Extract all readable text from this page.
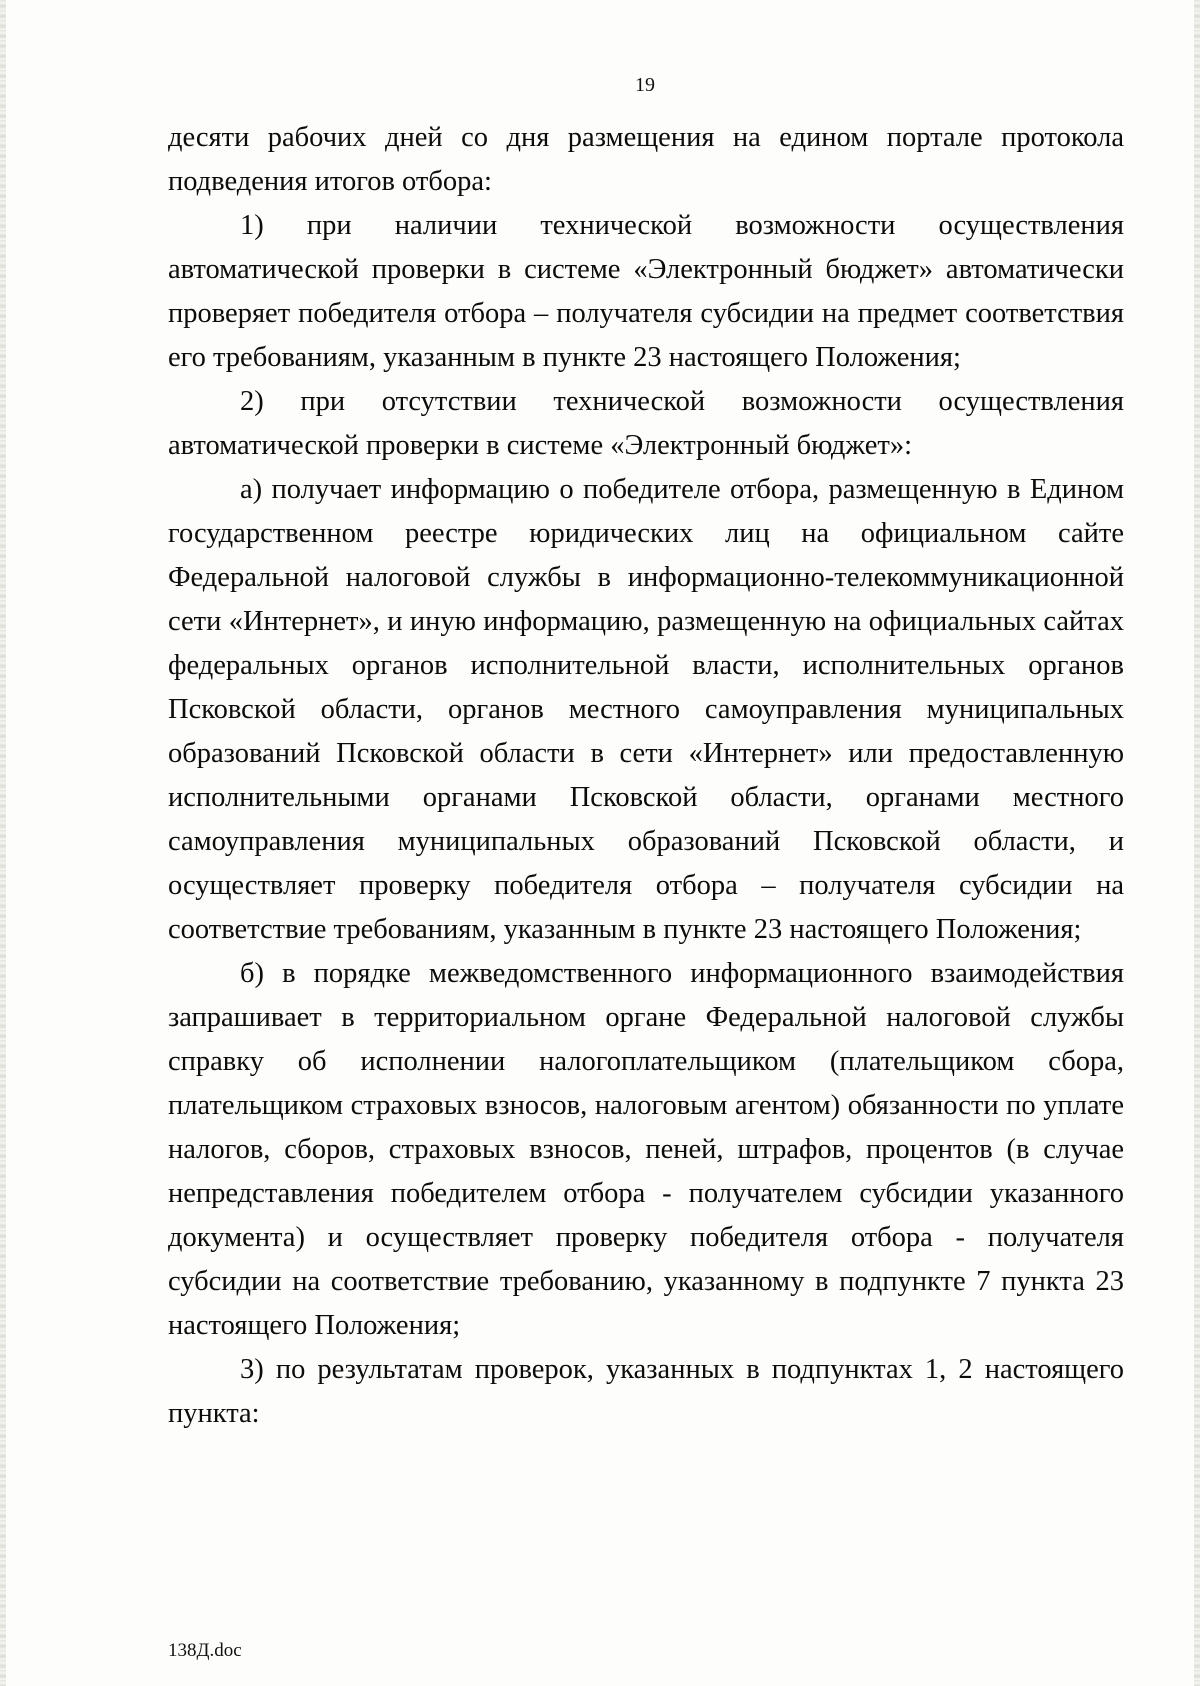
19

десяти рабочих дней со дня размещения на едином портале протокола подведения итогов отбора:

1) при наличии технической возможности осуществления автоматической проверки в системе «Электронный бюджет» автоматически проверяет победителя отбора – получателя субсидии на предмет соответствия его требованиям, указанным в пункте 23 настоящего Положения;

2) при отсутствии технической возможности осуществления автоматической проверки в системе «Электронный бюджет»:

а) получает информацию о победителе отбора, размещенную в Едином государственном реестре юридических лиц на официальном сайте Федеральной налоговой службы в информационно-телекоммуникационной сети «Интернет», и иную информацию, размещенную на официальных сайтах федеральных органов исполнительной власти, исполнительных органов Псковской области, органов местного самоуправления муниципальных образований Псковской области в сети «Интернет» или предоставленную исполнительными органами Псковской области, органами местного самоуправления муниципальных образований Псковской области, и осуществляет проверку победителя отбора – получателя субсидии на соответствие требованиям, указанным в пункте 23 настоящего Положения;

б) в порядке межведомственного информационного взаимодействия запрашивает в территориальном органе Федеральной налоговой службы справку об исполнении налогоплательщиком (плательщиком сбора, плательщиком страховых взносов, налоговым агентом) обязанности по уплате налогов, сборов, страховых взносов, пеней, штрафов, процентов (в случае непредставления победителем отбора - получателем субсидии указанного документа) и осуществляет проверку победителя отбора - получателя субсидии на соответствие требованию, указанному в подпункте 7 пункта 23 настоящего Положения;

3) по результатам проверок, указанных в подпунктах 1, 2 настоящего пункта:

138Д.doc
